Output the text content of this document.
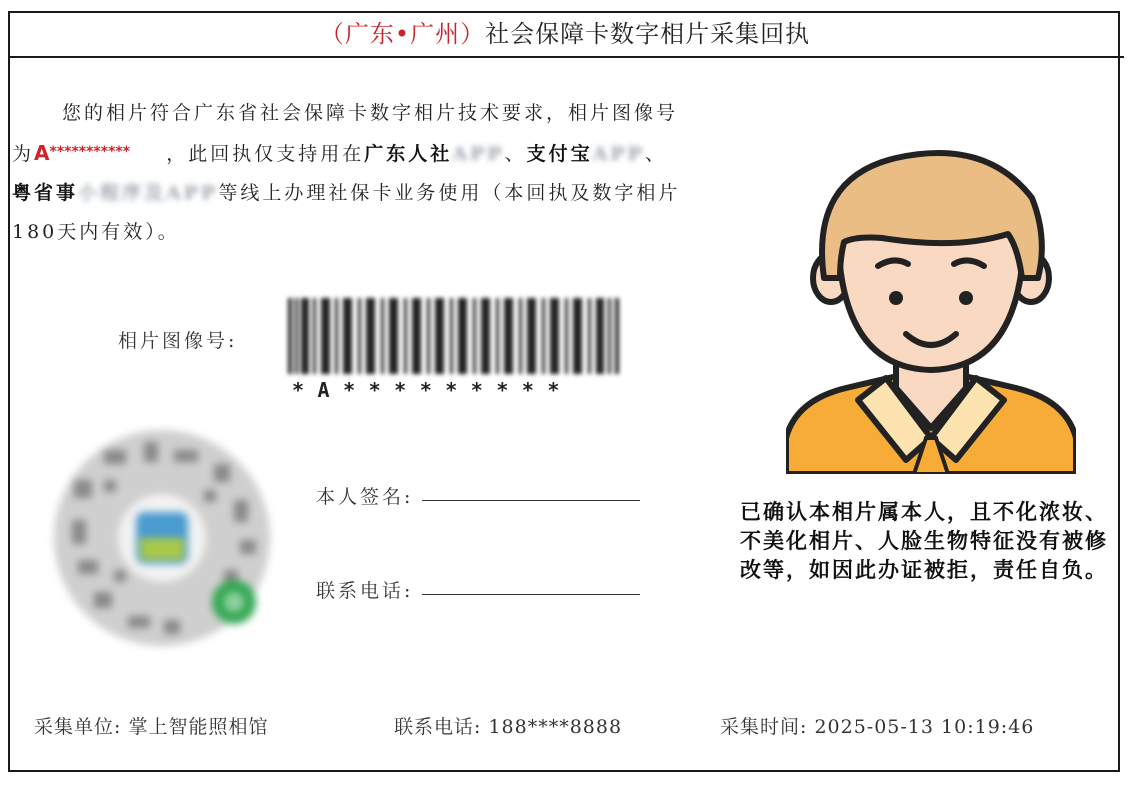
（广东•广州）社会保障卡数字相片采集回执
您的相片符合广东省社会保障卡数字相片技术要求，相片图像号为A*********** ，此回执仅支持用在广东人社APP、支付宝APP、粤省事小程序及APP等线上办理社保卡业务使用（本回执及数字相片180天内有效）。
相片图像号:
*A*********
本人签名:
联系电话:
已确认本相片属本人，且不化浓妆、不美化相片、人脸生物特征没有被修改等，如因此办证被拒，责任自负。
采集单位: 掌上智能照相馆	联系电话: 188****8888	采集时间: 2025-05-13 10:19:46
